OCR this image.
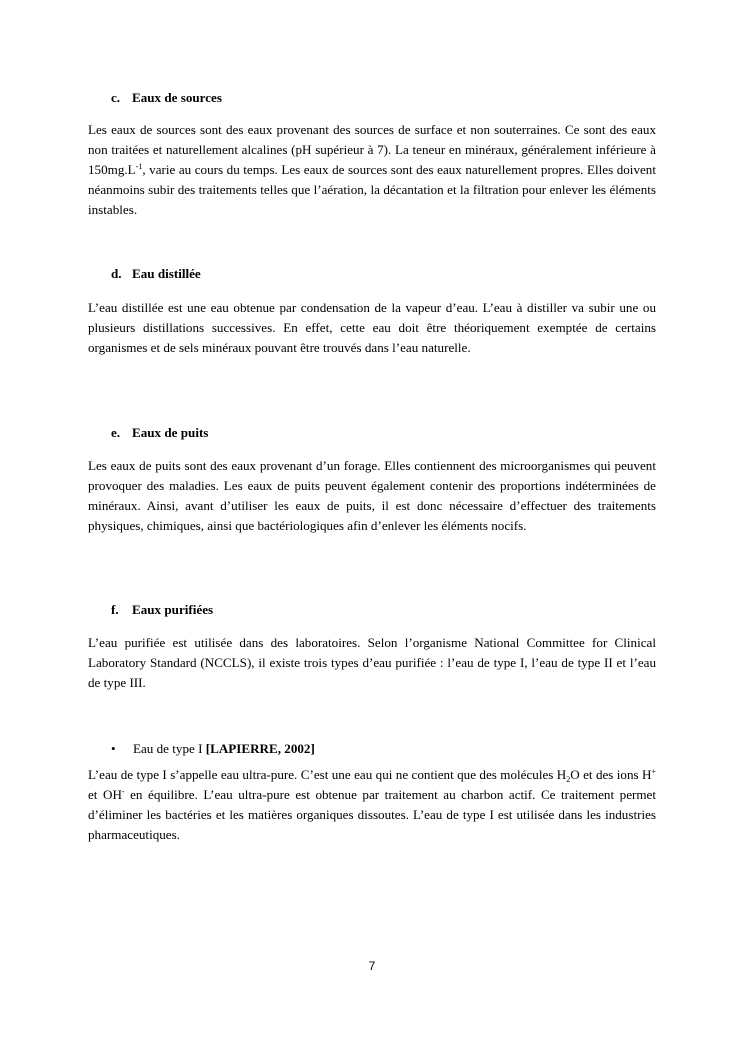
c. Eaux de sources

Les eaux de sources sont des eaux provenant des sources de surface et non souterraines. Ce sont des eaux non traitées et naturellement alcalines (pH supérieur à 7). La teneur en minéraux, généralement inférieure à $150mg.L^{-1}$, varie au cours du temps. Les eaux de sources sont des eaux naturellement propres. Elles doivent néanmoins subir des traitements telles que l’aération, la décantation et la filtration pour enlever les éléments instables.

d. Eau distillée

L’eau distillée est une eau obtenue par condensation de la vapeur d’eau. L’eau à distiller va subir une ou plusieurs distillations successives. En effet, cette eau doit être théoriquement exemptée de certains organismes et de sels minéraux pouvant être trouvés dans l’eau naturelle.

e. Eaux de puits

Les eaux de puits sont des eaux provenant d’un forage. Elles contiennent des microorganismes qui peuvent provoquer des maladies. Les eaux de puits peuvent également contenir des proportions indéterminées de minéraux. Ainsi, avant d’utiliser les eaux de puits, il est donc nécessaire d’effectuer des traitements physiques, chimiques, ainsi que bactériologiques afin d’enlever les éléments nocifs.

f. Eaux purifiées

L’eau purifiée est utilisée dans des laboratoires. Selon l’organisme National Committee for Clinical Laboratory Standard (NCCLS), il existe trois types d’eau purifiée : l’eau de type I, l’eau de type II et l’eau de type III.

• Eau de type I [LAPIERRE, 2002]

L’eau de type I s’appelle eau ultra-pure. C’est une eau qui ne contient que des molécules $H_2O$ et des ions H+ et OH- en équilibre. L’eau ultra-pure est obtenue par traitement au charbon actif. Ce traitement permet d’éliminer les bactéries et les matières organiques dissoutes. L’eau de type I est utilisée dans les industries pharmaceutiques.

7
